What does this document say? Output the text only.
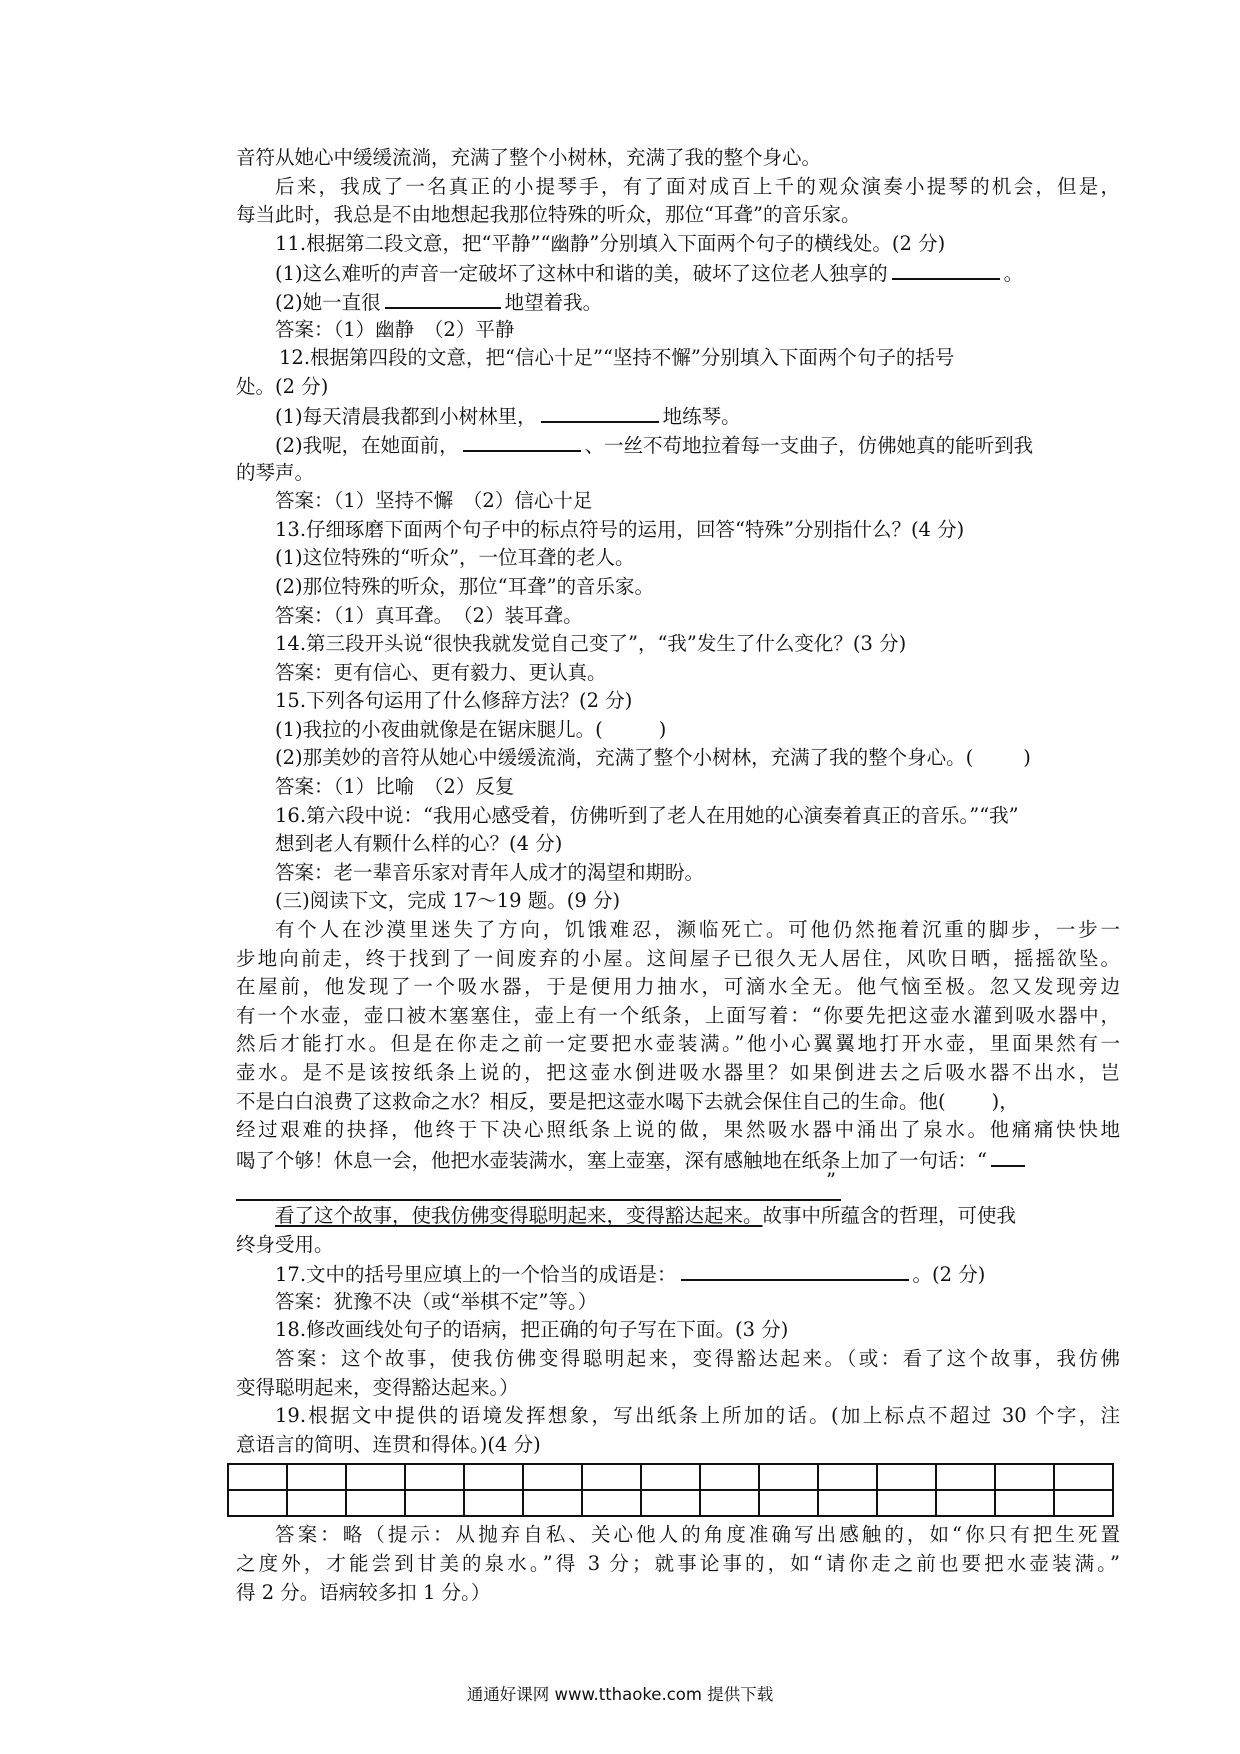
音符从她心中缓缓流淌，充满了整个小树林，充满了我的整个身心。
后来，我成了一名真正的小提琴手，有了面对成百上千的观众演奏小提琴的机会，但是，
每当此时，我总是不由地想起我那位特殊的听众，那位“耳聋”的音乐家。
11.根据第二段文意，把“平静”“幽静”分别填入下面两个句子的横线处。(2 分)
(1)这么难听的声音一定破坏了这林中和谐的美，破坏了这位老人独享的	。
(2)她一直很	地望着我。
答案：（1）幽静　（2）平静
12.根据第四段的文意，把“信心十足”“坚持不懈”分别填入下面两个句子的括号
处。(2 分)
(1)每天清晨我都到小树林里，	地练琴。
(2)我呢，在她面前，	、一丝不苟地拉着每一支曲子，仿佛她真的能听到我
的琴声。
答案：（1）坚持不懈　（2）信心十足
13.仔细琢磨下面两个句子中的标点符号的运用，回答“特殊”分别指什么？(4 分)
(1)这位特殊的“听众”，一位耳聋的老人。
(2)那位特殊的听众，那位“耳聋”的音乐家。
答案：（1）真耳聋。　（2）装耳聋。
14.第三段开头说“很快我就发觉自己变了”，“我”发生了什么变化？(3 分)
答案：更有信心、更有毅力、更认真。
15.下列各句运用了什么修辞方法？(2 分)
(1)我拉的小夜曲就像是在锯床腿儿。(	)
(2)那美妙的音符从她心中缓缓流淌，充满了整个小树林，充满了我的整个身心。(	)
答案：（1）比喻　（2）反复
16.第六段中说：“我用心感受着，仿佛听到了老人在用她的心演奏着真正的音乐。”“我”
想到老人有颗什么样的心？(4 分)
答案：老一辈音乐家对青年人成才的渴望和期盼。
(三)阅读下文，完成 17～19 题。(9 分)
有个人在沙漠里迷失了方向，饥饿难忍，濒临死亡。可他仍然拖着沉重的脚步，一步一
步地向前走，终于找到了一间废弃的小屋。这间屋子已很久无人居住，风吹日晒，摇摇欲坠。
在屋前，他发现了一个吸水器，于是便用力抽水，可滴水全无。他气恼至极。忽又发现旁边
有一个水壶，壶口被木塞塞住，壶上有一个纸条，上面写着：“你要先把这壶水灌到吸水器中，
然后才能打水。但是在你走之前一定要把水壶装满。”他小心翼翼地打开水壶，里面果然有一
壶水。是不是该按纸条上说的，把这壶水倒进吸水器里？如果倒进去之后吸水器不出水，岂
不是白白浪费了这救命之水？相反，要是把这壶水喝下去就会保住自己的生命。他( )，
经过艰难的抉择，他终于下决心照纸条上说的做，果然吸水器中涌出了泉水。他痛痛快快地
喝了个够！休息一会，他把水壶装满水，塞上壶塞，深有感触地在纸条上加了一句话：“
”
看了这个故事，使我仿佛变得聪明起来，变得豁达起来。故事中所蕴含的哲理，可使我
终身受用。
17.文中的括号里应填上的一个恰当的成语是：	。(2 分)
答案：犹豫不决（或“举棋不定”等。）
18.修改画线处句子的语病，把正确的句子写在下面。(3 分)
答案：这个故事，使我仿佛变得聪明起来，变得豁达起来。（或：看了这个故事，我仿佛
变得聪明起来，变得豁达起来。）
19.根据文中提供的语境发挥想象，写出纸条上所加的话。(加上标点不超过 30 个字，注
意语言的简明、连贯和得体。)(4 分)

答案：略（提示：从抛弃自私、关心他人的角度准确写出感触的，如“你只有把生死置
之度外，才能尝到甘美的泉水。”得 3 分；就事论事的，如“请你走之前也要把水壶装满。”
得 2 分。语病较多扣 1 分。）
通通好课网 www.tthaoke.com 提供下载
